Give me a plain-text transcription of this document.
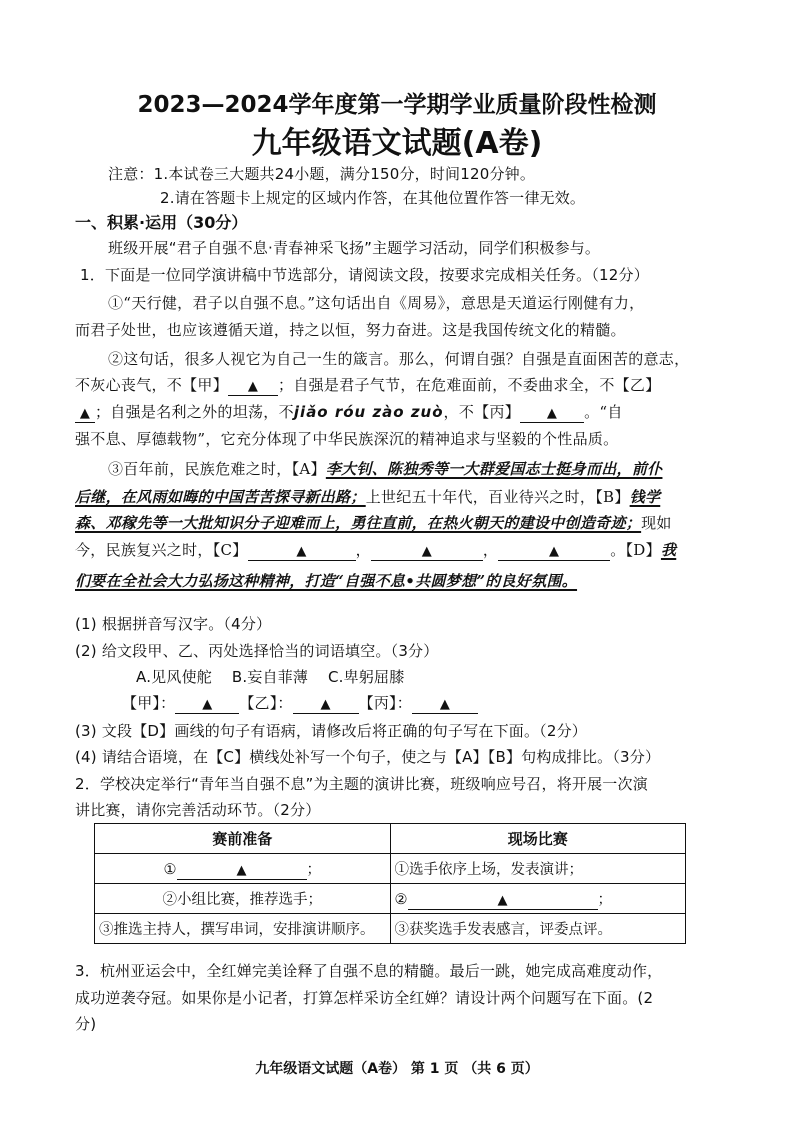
2023—2024学年度第一学期学业质量阶段性检测
九年级语文试题(A卷)
注意：1.本试卷三大题共24小题，满分150分，时间120分钟。
2.请在答题卡上规定的区域内作答，在其他位置作答一律无效。
一、积累·运用（30分）
班级开展“君子自强不息·青春神采飞扬”主题学习活动，同学们积极参与。
1．下面是一位同学演讲稿中节选部分，请阅读文段，按要求完成相关任务。（12分）
①“天行健，君子以自强不息。”这句话出自《周易》，意思是天道运行刚健有力，
而君子处世，也应该遵循天道，持之以恒，努力奋进。这是我国传统文化的精髓。
②这句话，很多人视它为自己一生的箴言。那么，何谓自强？自强是直面困苦的意志，
不灰心丧气，不【甲】 ▲ ；自强是君子气节，在危难面前，不委曲求全，不【乙】
▲ ；自强是名利之外的坦荡，不jiǎo róu zào zuò，不【丙】 ▲ 。“自
强不息、厚德载物”，它充分体现了中华民族深沉的精神追求与坚毅的个性品质。
③百年前，民族危难之时，【A】李大钊、陈独秀等一大群爱国志士挺身而出，前仆
后继，在风雨如晦的中国苦苦探寻新出路；上世纪五十年代，百业待兴之时，【B】钱学
森、邓稼先等一大批知识分子迎难而上，勇往直前，在热火朝天的建设中创造奇迹；现如
今，民族复兴之时，【C】	▲	，	▲	，	▲	。【D】我
们要在全社会大力弘扬这种精神，打造“自强不息•共圆梦想”的良好氛围。
(1) 根据拼音写汉字。（4分）
(2) 给文段甲、乙、丙处选择恰当的词语填空。（3分）
A.见风使舵 B.妄自菲薄 C.卑躬屈膝
【甲】： ▲ 【乙】： ▲ 【丙】： ▲
(3) 文段【D】画线的句子有语病，请修改后将正确的句子写在下面。（2分）
(4) 请结合语境，在【C】横线处补写一个句子，使之与【A】【B】句构成排比。（3分）
2．学校决定举行“青年当自强不息”为主题的演讲比赛，班级响应号召，将开展一次演
讲比赛，请你完善活动环节。（2分）
赛前准备	现场比赛
① ▲ ；	①选手依序上场，发表演讲；
②小组比赛，推荐选手；	② ▲ ；
③推选主持人，撰写串词，安排演讲顺序。	③获奖选手发表感言，评委点评。
3．杭州亚运会中，全红婵完美诠释了自强不息的精髓。最后一跳，她完成高难度动作，
成功逆袭夺冠。如果你是小记者，打算怎样采访全红婵？请设计两个问题写在下面。(2
分)
九年级语文试题（A卷） 第 1 页 （共 6 页）
